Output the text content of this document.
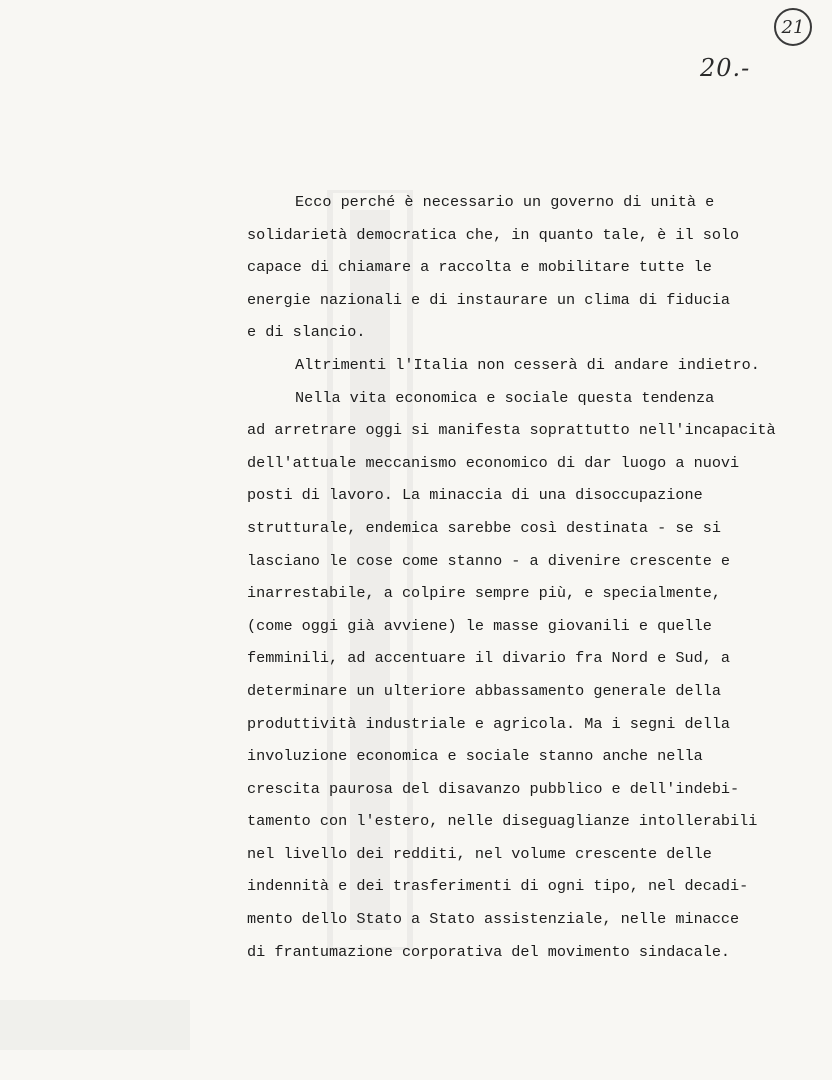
21
20.-
Ecco perché è necessario un governo di unità e
solidarietà democratica che, in quanto tale, è il solo
capace di chiamare a raccolta e mobilitare tutte le
energie nazionali e di instaurare un clima di fiducia
e di slancio.
Altrimenti l'Italia non cesserà di andare indietro.
Nella vita economica e sociale questa tendenza
ad arretrare oggi si manifesta soprattutto nell'incapacità
dell'attuale meccanismo economico di dar luogo a nuovi
posti di lavoro. La minaccia di una disoccupazione
strutturale, endemica sarebbe così destinata - se si
lasciano le cose come stanno - a divenire crescente e
inarrestabile, a colpire sempre più, e specialmente,
(come oggi già avviene) le masse giovanili e quelle
femminili, ad accentuare il divario fra Nord e Sud, a
determinare un ulteriore abbassamento generale della
produttività industriale e agricola. Ma i segni della
involuzione economica e sociale stanno anche nella
crescita paurosa del disavanzo pubblico e dell'indebi-
tamento con l'estero, nelle diseguaglianze intollerabili
nel livello dei redditi, nel volume crescente delle
indennità e dei trasferimenti di ogni tipo, nel decadi-
mento dello Stato a Stato assistenziale, nelle minacce
di frantumazione corporativa del movimento sindacale.
